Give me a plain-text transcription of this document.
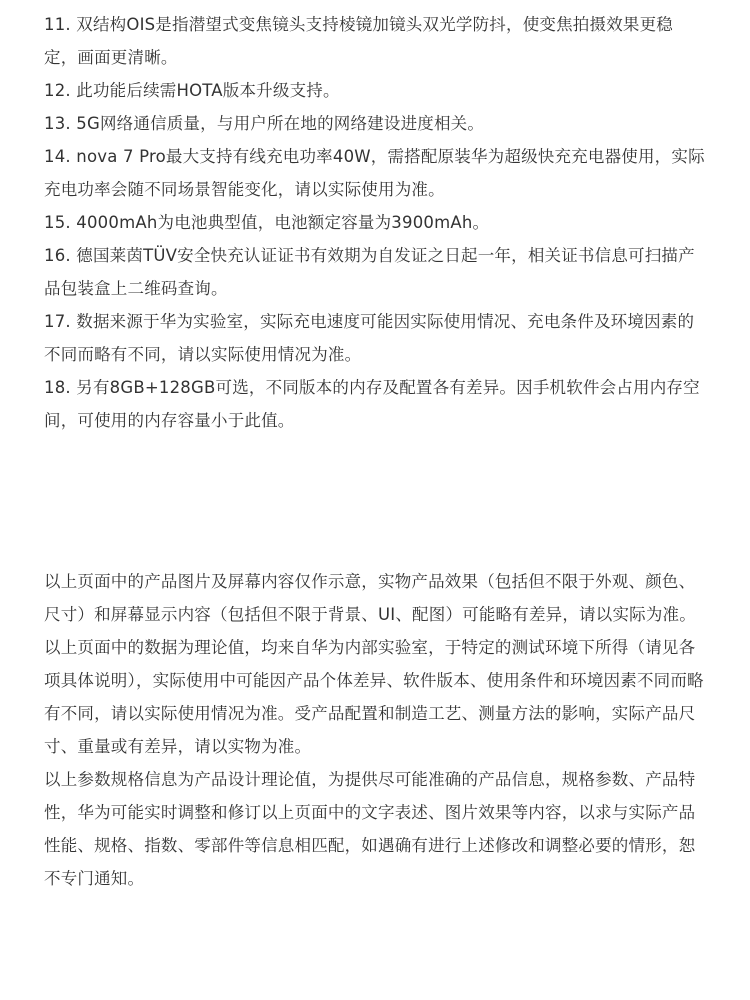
11. 双结构OIS是指潜望式变焦镜头支持棱镜加镜头双光学防抖，使变焦拍摄效果更稳定，画面更清晰。
12. 此功能后续需HOTA版本升级支持。
13. 5G网络通信质量，与用户所在地的网络建设进度相关。
14. nova 7 Pro最大支持有线充电功率40W，需搭配原装华为超级快充充电器使用，实际充电功率会随不同场景智能变化，请以实际使用为准。
15. 4000mAh为电池典型值，电池额定容量为3900mAh。
16. 德国莱茵TÜV安全快充认证证书有效期为自发证之日起一年，相关证书信息可扫描产品包装盒上二维码查询。
17. 数据来源于华为实验室，实际充电速度可能因实际使用情况、充电条件及环境因素的不同而略有不同，请以实际使用情况为准。
18. 另有8GB+128GB可选，不同版本的内存及配置各有差异。因手机软件会占用内存空间，可使用的内存容量小于此值。

以上页面中的产品图片及屏幕内容仅作示意，实物产品效果（包括但不限于外观、颜色、尺寸）和屏幕显示内容（包括但不限于背景、UI、配图）可能略有差异，请以实际为准。

以上页面中的数据为理论值，均来自华为内部实验室，于特定的测试环境下所得（请见各项具体说明），实际使用中可能因产品个体差异、软件版本、使用条件和环境因素不同而略有不同，请以实际使用情况为准。受产品配置和制造工艺、测量方法的影响，实际产品尺寸、重量或有差异，请以实物为准。

以上参数规格信息为产品设计理论值，为提供尽可能准确的产品信息，规格参数、产品特性，华为可能实时调整和修订以上页面中的文字表述、图片效果等内容，以求与实际产品性能、规格、指数、零部件等信息相匹配，如遇确有进行上述修改和调整必要的情形，恕不专门通知。
